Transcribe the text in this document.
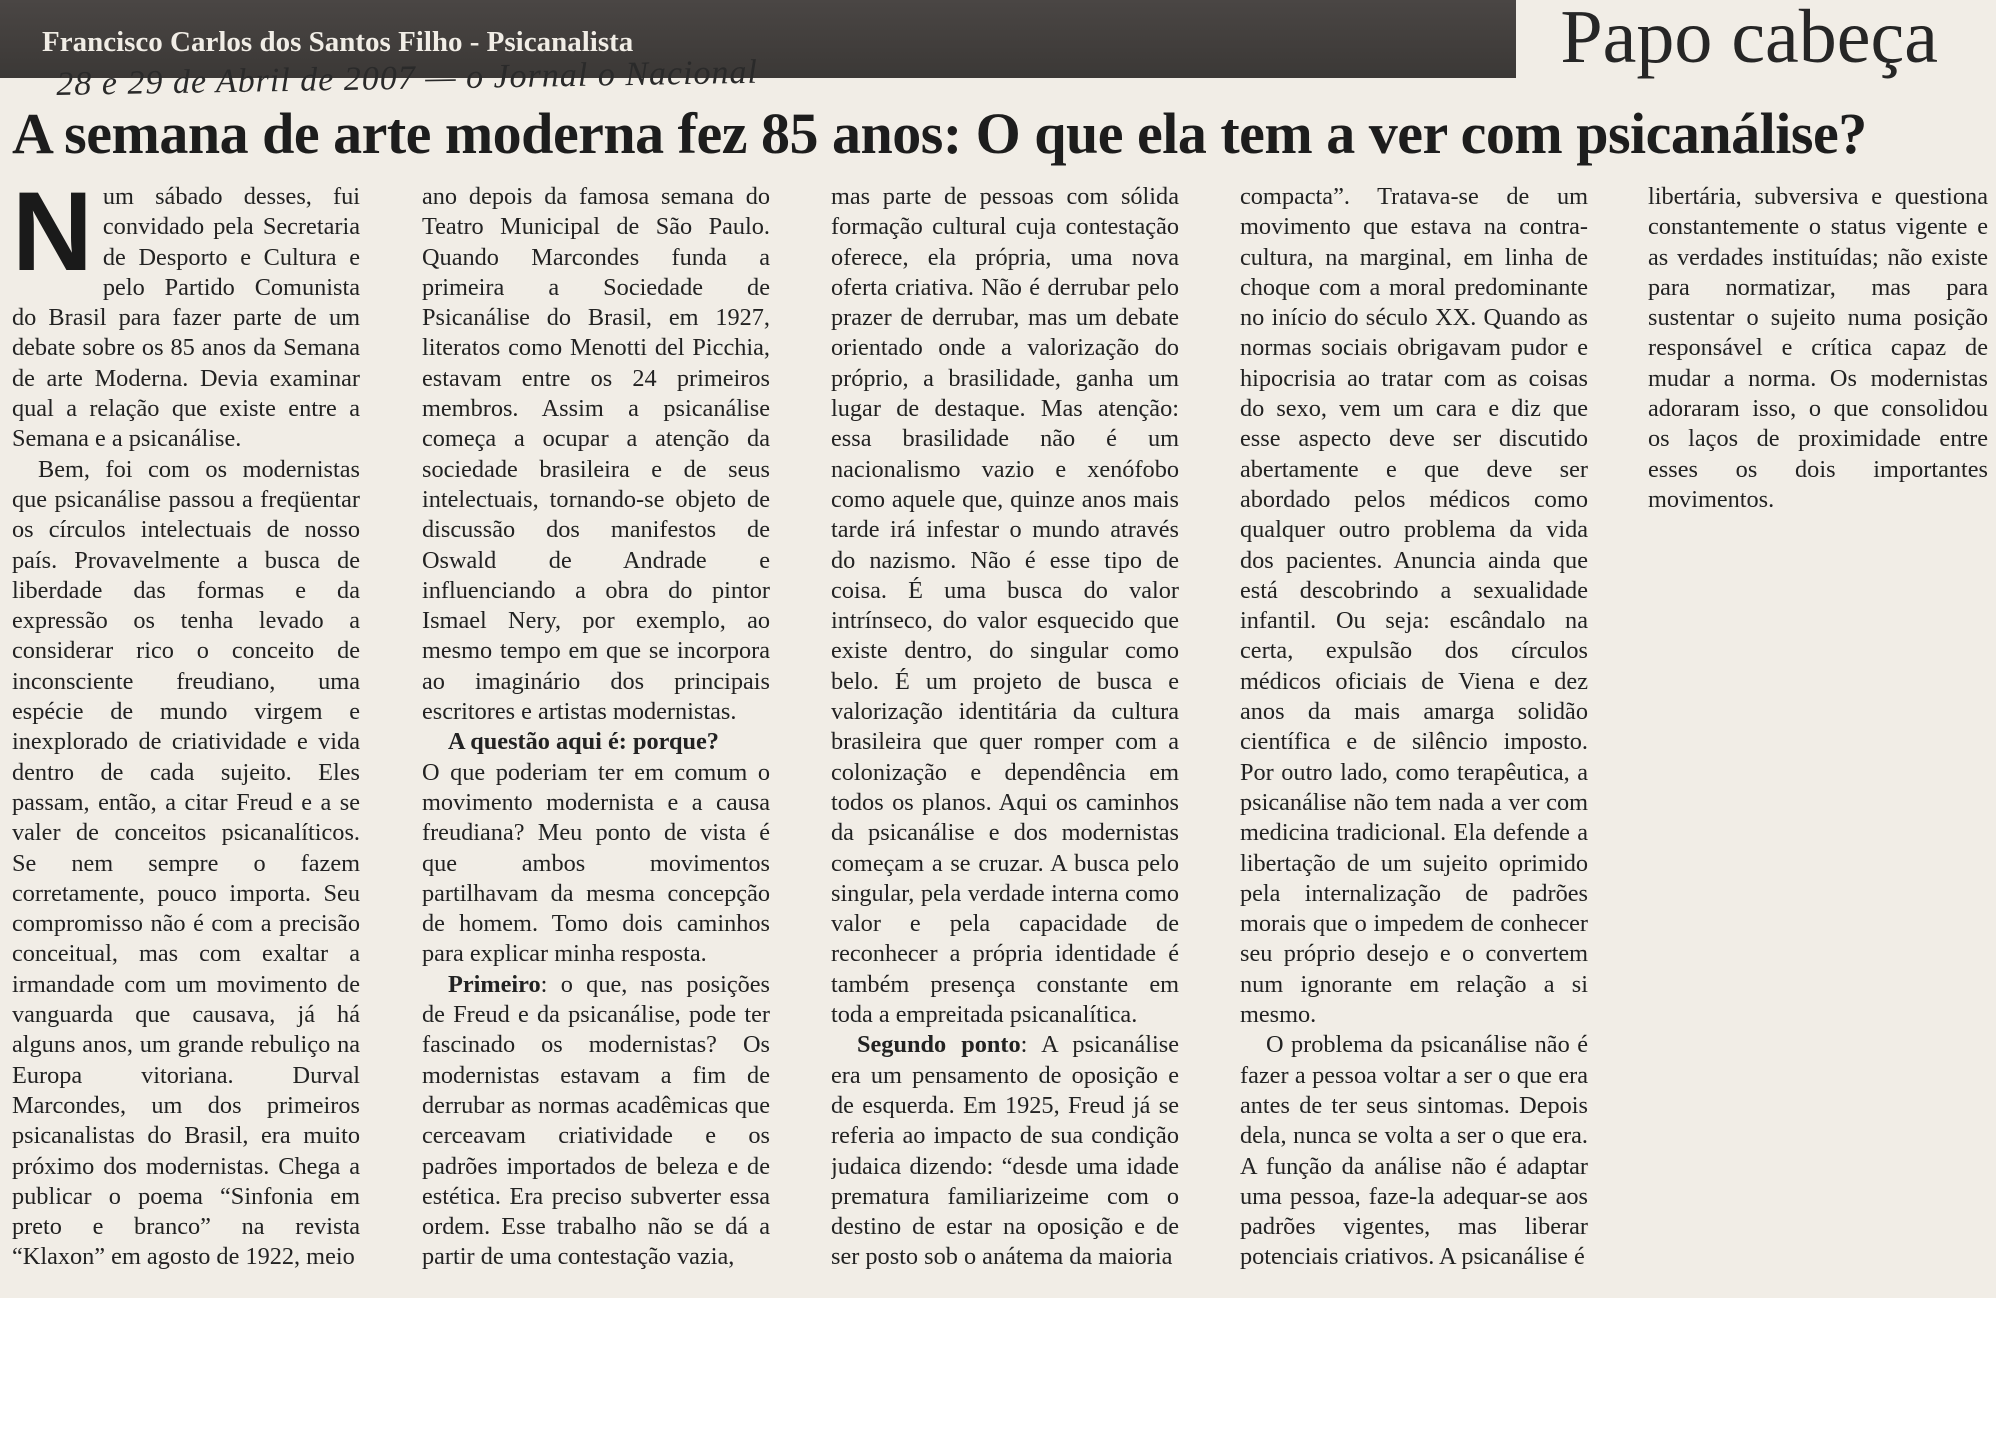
Francisco Carlos dos Santos Filho - Psicanalista	Papo cabeça
28 e 29 de Abril de 2007 — o Jornal o Nacional
A semana de arte moderna fez 85 anos: O que ela tem a ver com psicanálise?

Num sábado desses, fui convidado pela Secretaria de Desporto e Cultura e pelo Partido Comunista do Brasil para fazer parte de um debate sobre os 85 anos da Semana de arte Moderna. Devia examinar qual a relação que existe entre a Semana e a psicanálise.

Bem, foi com os modernistas que psicanálise passou a freqüentar os círculos intelectuais de nosso país. Provavelmente a busca de liberdade das formas e da expressão os tenha levado a considerar rico o conceito de inconsciente freudiano, uma espécie de mundo virgem e inexplorado de criatividade e vida dentro de cada sujeito. Eles passam, então, a citar Freud e a se valer de conceitos psicanalíticos. Se nem sempre o fazem corretamente, pouco importa. Seu compromisso não é com a precisão conceitual, mas com exaltar a irmandade com um movimento de vanguarda que causava, já há alguns anos, um grande rebuliço na Europa vitoriana. Durval Marcondes, um dos primeiros psicanalistas do Brasil, era muito próximo dos modernistas. Chega a publicar o poema “Sinfonia em preto e branco” na revista “Klaxon” em agosto de 1922, meio

ano depois da famosa semana do Teatro Municipal de São Paulo. Quando Marcondes funda a primeira a Sociedade de Psicanálise do Brasil, em 1927, literatos como Menotti del Picchia, estavam entre os 24 primeiros membros. Assim a psicanálise começa a ocupar a atenção da sociedade brasileira e de seus intelectuais, tornando-se objeto de discussão dos manifestos de Oswald de Andrade e influenciando a obra do pintor Ismael Nery, por exemplo, ao mesmo tempo em que se incorpora ao imaginário dos principais escritores e artistas modernistas.

A questão aqui é: porque?
O que poderiam ter em comum o movimento modernista e a causa freudiana? Meu ponto de vista é que ambos movimentos partilhavam da mesma concepção de homem. Tomo dois caminhos para explicar minha resposta.

Primeiro: o que, nas posições de Freud e da psicanálise, pode ter fascinado os modernistas? Os modernistas estavam a fim de derrubar as normas acadêmicas que cerceavam criatividade e os padrões importados de beleza e de estética. Era preciso subverter essa ordem. Esse trabalho não se dá a partir de uma contestação vazia,

mas parte de pessoas com sólida formação cultural cuja contestação oferece, ela própria, uma nova oferta criativa. Não é derrubar pelo prazer de derrubar, mas um debate orientado onde a valorização do próprio, a brasilidade, ganha um lugar de destaque. Mas atenção: essa brasilidade não é um nacionalismo vazio e xenófobo como aquele que, quinze anos mais tarde irá infestar o mundo através do nazismo. Não é esse tipo de coisa. É uma busca do valor intrínseco, do valor esquecido que existe dentro, do singular como belo. É um projeto de busca e valorização identitária da cultura brasileira que quer romper com a colonização e dependência em todos os planos. Aqui os caminhos da psicanálise e dos modernistas começam a se cruzar. A busca pelo singular, pela verdade interna como valor e pela capacidade de reconhecer a própria identidade é também presença constante em toda a empreitada psicanalítica.

Segundo ponto: A psicanálise era um pensamento de oposição e de esquerda. Em 1925, Freud já se referia ao impacto de sua condição judaica dizendo: “desde uma idade prematura familiarizeime com o destino de estar na oposição e de ser posto sob o anátema da maioria

compacta”. Tratava-se de um movimento que estava na contra-cultura, na marginal, em linha de choque com a moral predominante no início do século XX. Quando as normas sociais obrigavam pudor e hipocrisia ao tratar com as coisas do sexo, vem um cara e diz que esse aspecto deve ser discutido abertamente e que deve ser abordado pelos médicos como qualquer outro problema da vida dos pacientes. Anuncia ainda que está descobrindo a sexualidade infantil. Ou seja: escândalo na certa, expulsão dos círculos médicos oficiais de Viena e dez anos da mais amarga solidão científica e de silêncio imposto. Por outro lado, como terapêutica, a psicanálise não tem nada a ver com medicina tradicional. Ela defende a libertação de um sujeito oprimido pela internalização de padrões morais que o impedem de conhecer seu próprio desejo e o convertem num ignorante em relação a si mesmo.

O problema da psicanálise não é fazer a pessoa voltar a ser o que era antes de ter seus sintomas. Depois dela, nunca se volta a ser o que era. A função da análise não é adaptar uma pessoa, faze-la adequar-se aos padrões vigentes, mas liberar potenciais criativos. A psicanálise é

libertária, subversiva e questiona constantemente o status vigente e as verdades instituídas; não existe para normatizar, mas para sustentar o sujeito numa posição responsável e crítica capaz de mudar a norma. Os modernistas adoraram isso, o que consolidou os laços de proximidade entre esses os dois importantes movimentos.
